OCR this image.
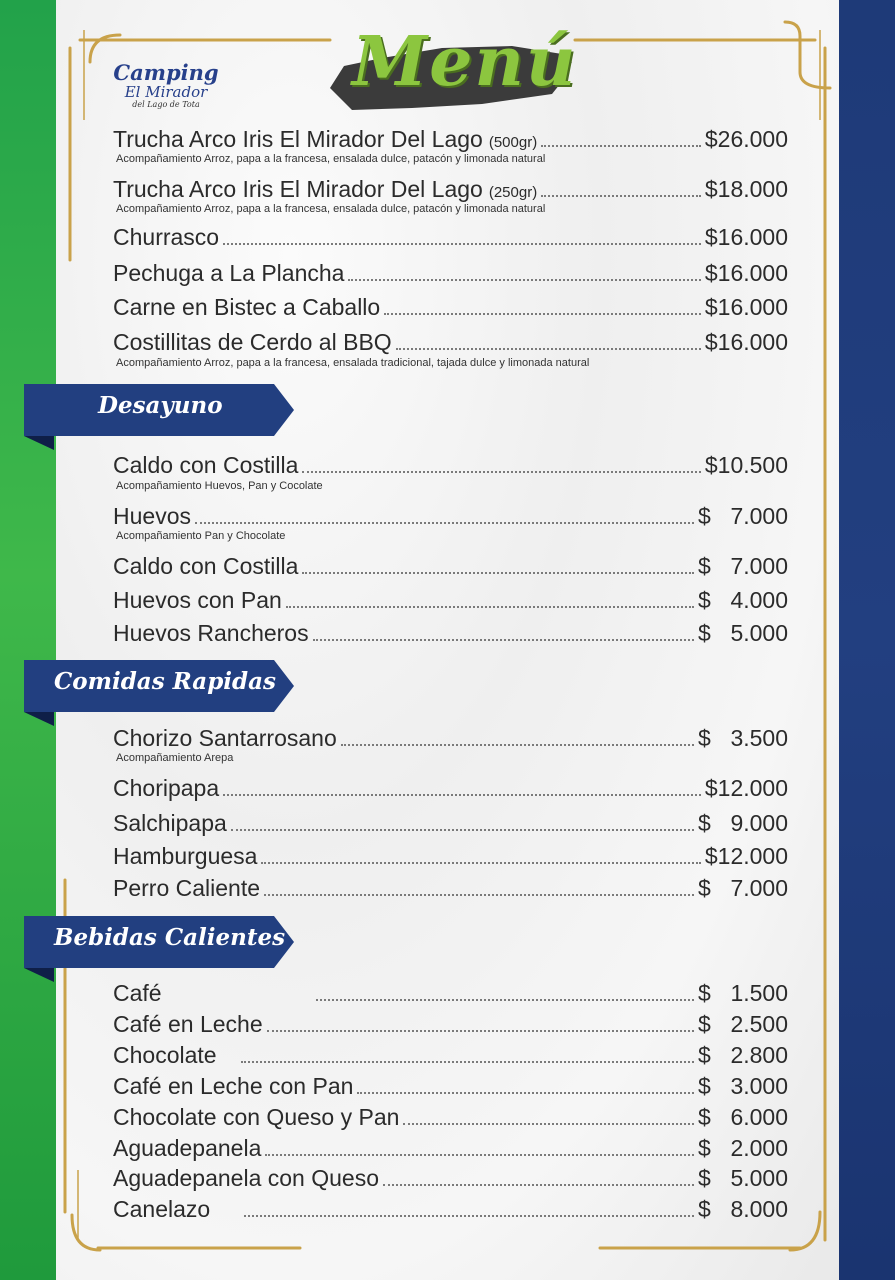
Camping
El Mirador
del Lago de Tota
Menú
Trucha Arco Iris El Mirador Del Lago (500gr)	$26.000
Acompañamiento Arroz, papa a la francesa, ensalada dulce, patacón y limonada natural
Trucha Arco Iris El Mirador Del Lago (250gr)	$18.000
Acompañamiento Arroz, papa a la francesa, ensalada dulce, patacón y limonada natural
Churrasco	$16.000
Pechuga a La Plancha	$16.000
Carne en Bistec a Caballo	$16.000
Costillitas de Cerdo al BBQ	$16.000
Acompañamiento Arroz, papa a la francesa, ensalada tradicional, tajada dulce y limonada natural
Desayuno
Caldo con Costilla	$10.500
Acompañamiento Huevos, Pan y Cocolate
Huevos	$ 7.000
Acompañamiento Pan y Chocolate
Caldo con Costilla	$ 7.000
Huevos con Pan	$ 4.000
Huevos Rancheros	$ 5.000
Comidas Rapidas
Chorizo Santarrosano	$ 3.500
Acompañamiento Arepa
Choripapa	$12.000
Salchipapa	$ 9.000
Hamburguesa	$12.000
Perro Caliente	$ 7.000
Bebidas Calientes
Café	$ 1.500
Café en Leche	$ 2.500
Chocolate	$ 2.800
Café en Leche con Pan	$ 3.000
Chocolate con Queso y Pan	$ 6.000
Aguadepanela	$ 2.000
Aguadepanela con Queso	$ 5.000
Canelazo	$ 8.000
